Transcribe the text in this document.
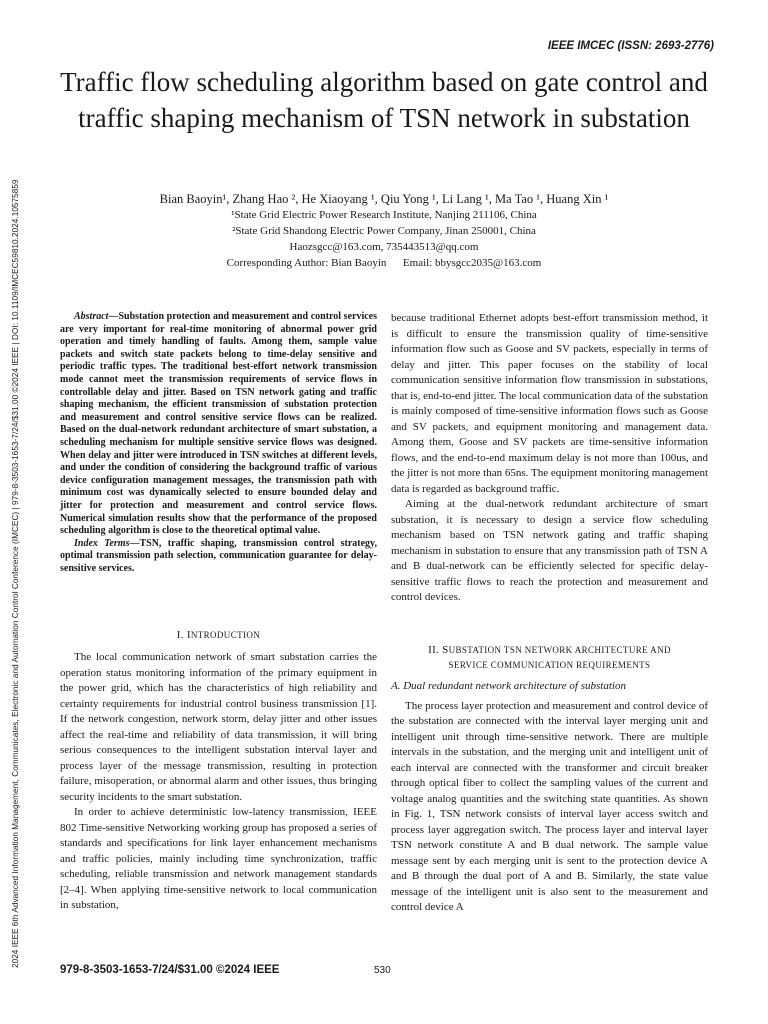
2024 IEEE 6th Advanced Information Management, Communicates, Electronic and Automation Control Conference (IMCEC) | 979-8-3503-1653-7/24/$31.00 ©2024 IEEE | DOI: 10.1109/IMCEC59810.2024.10575859
IEEE IMCEC (ISSN: 2693-2776)
Traffic flow scheduling algorithm based on gate control and traffic shaping mechanism of TSN network in substation
Bian Baoyin¹, Zhang Hao ², He Xiaoyang ¹, Qiu Yong ¹, Li Lang ¹, Ma Tao ¹, Huang Xin ¹
¹State Grid Electric Power Research Institute, Nanjing 211106, China
²State Grid Shandong Electric Power Company, Jinan 250001, China
Haozsgcc@163.com, 735443513@qq.com
Corresponding Author: Bian Baoyin      Email: bbysgcc2035@163.com

Abstract—Substation protection and measurement and control services are very important for real-time monitoring of abnormal power grid operation and timely handling of faults. Among them, sample value packets and switch state packets belong to time-delay sensitive and periodic traffic types. The traditional best-effort network transmission mode cannot meet the transmission requirements of service flows in controllable delay and jitter. Based on TSN network gating and traffic shaping mechanism, the efficient transmission of substation protection and measurement and control sensitive service flows can be realized. Based on the dual-network redundant architecture of smart substation, a scheduling mechanism for multiple sensitive service flows was designed. When delay and jitter were introduced in TSN switches at different levels, and under the condition of considering the background traffic of various device configuration management messages, the transmission path with minimum cost was dynamically selected to ensure bounded delay and jitter for protection and measurement and control service flows. Numerical simulation results show that the performance of the proposed scheduling algorithm is close to the theoretical optimal value.

Index Terms—TSN, traffic shaping, transmission control strategy, optimal transmission path selection, communication guarantee for delay-sensitive services.

I. INTRODUCTION

The local communication network of smart substation carries the operation status monitoring information of the primary equipment in the power grid, which has the characteristics of high reliability and certainty requirements for industrial control business transmission [1]. If the network congestion, network storm, delay jitter and other issues affect the real-time and reliability of data transmission, it will bring serious consequences to the intelligent substation interval layer and process layer of the message transmission, resulting in protection failure, misoperation, or abnormal alarm and other issues, thus bringing security incidents to the smart substation.

In order to achieve deterministic low-latency transmission, IEEE 802 Time-sensitive Networking working group has proposed a series of standards and specifications for link layer enhancement mechanisms and traffic policies, mainly including time synchronization, traffic scheduling, reliable transmission and network management standards [2–4]. When applying time-sensitive network to local communication in substation,

because traditional Ethernet adopts best-effort transmission method, it is difficult to ensure the transmission quality of time-sensitive information flow such as Goose and SV packets, especially in terms of delay and jitter. This paper focuses on the stability of local communication sensitive information flow transmission in substations, that is, end-to-end jitter. The local communication data of the substation is mainly composed of time-sensitive information flows such as Goose and SV packets, and equipment monitoring and management data. Among them, Goose and SV packets are time-sensitive information flows, and the end-to-end maximum delay is not more than 100us, and the jitter is not more than 65ns. The equipment monitoring management data is regarded as background traffic.

Aiming at the dual-network redundant architecture of smart substation, it is necessary to design a service flow scheduling mechanism based on TSN network gating and traffic shaping mechanism in substation to ensure that any transmission path of TSN A and B dual-network can be efficiently selected for specific delay-sensitive traffic flows to reach the protection and measurement and control devices.

II. SUBSTATION TSN NETWORK ARCHITECTURE AND
SERVICE COMMUNICATION REQUIREMENTS

A. Dual redundant network architecture of substation

The process layer protection and measurement and control device of the substation are connected with the interval layer merging unit and intelligent unit through time-sensitive network. There are multiple intervals in the substation, and the merging unit and intelligent unit of each interval are connected with the transformer and circuit breaker through optical fiber to collect the sampling values of the current and voltage analog quantities and the switching state quantities. As shown in Fig. 1, TSN network consists of interval layer access switch and process layer aggregation switch. The process layer and interval layer TSN network constitute A and B dual network. The sample value message sent by each merging unit is sent to the protection device A and B through the dual port of A and B. Similarly, the state value message of the intelligent unit is also sent to the measurement and control device A

979-8-3503-1653-7/24/$31.00 ©2024 IEEE	530
